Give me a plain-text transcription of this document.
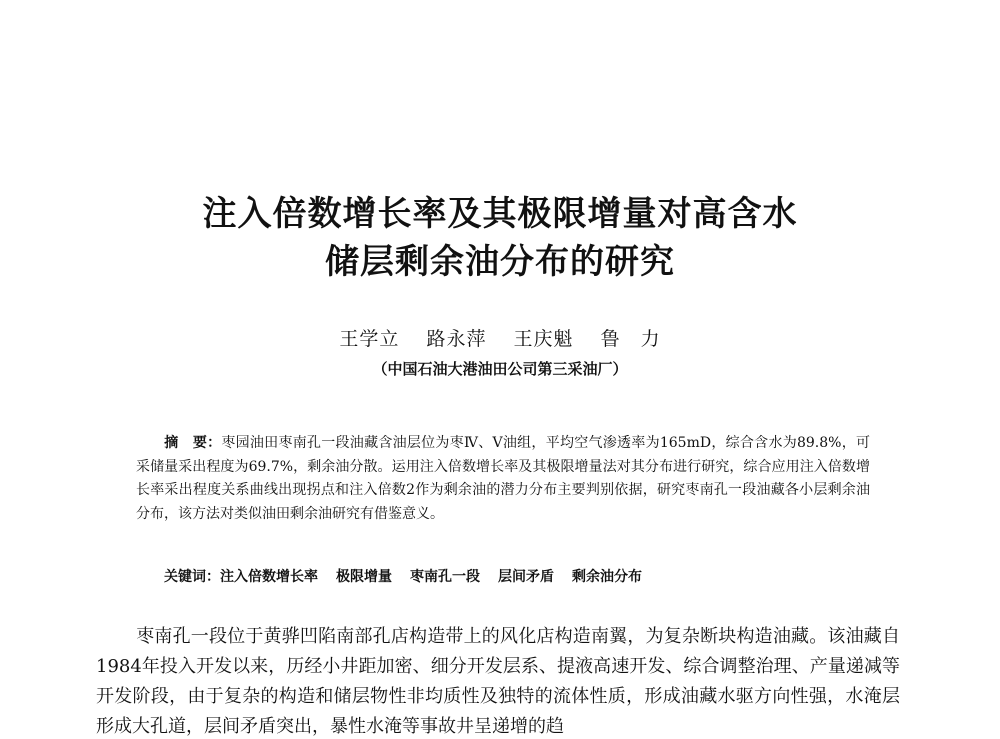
注入倍数增长率及其极限增量对高含水
储层剩余油分布的研究
王学立 路永萍 王庆魁 鲁　力
（中国石油大港油田公司第三采油厂）

摘　要：枣园油田枣南孔一段油藏含油层位为枣Ⅳ、Ⅴ油组，平均空气渗透率为165mD，综合含水为89.8%，可采储量采出程度为69.7%，剩余油分散。运用注入倍数增长率及其极限增量法对其分布进行研究，综合应用注入倍数增长率采出程度关系曲线出现拐点和注入倍数2作为剩余油的潜力分布主要判别依据，研究枣南孔一段油藏各小层剩余油分布，该方法对类似油田剩余油研究有借鉴意义。

关键词：注入倍数增长率 极限增量 枣南孔一段 层间矛盾 剩余油分布

枣南孔一段位于黄骅凹陷南部孔店构造带上的风化店构造南翼，为复杂断块构造油藏。该油藏自1984年投入开发以来，历经小井距加密、细分开发层系、提液高速开发、综合调整治理、产量递减等开发阶段，由于复杂的构造和储层物性非均质性及独特的流体性质，形成油藏水驱方向性强，水淹层形成大孔道，层间矛盾突出，暴性水淹等事故井呈递增的趋
